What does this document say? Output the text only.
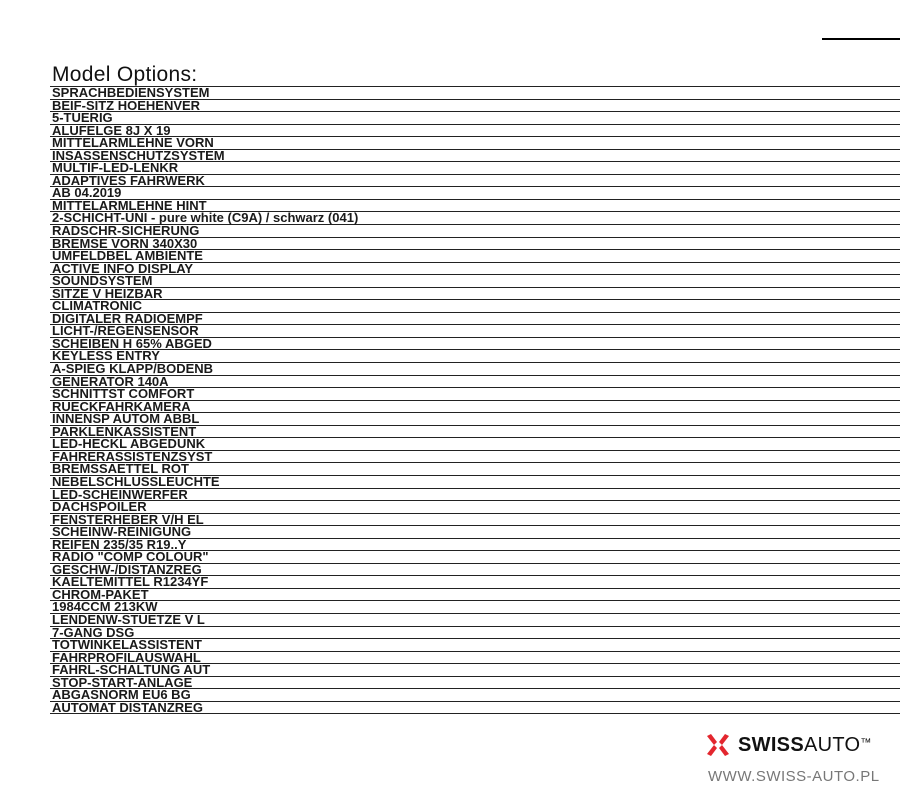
Model Options:
SPRACHBEDIENSYSTEM
BEIF-SITZ HOEHENVER
5-TUERIG
ALUFELGE 8J X 19
MITTELARMLEHNE VORN
INSASSENSCHUTZSYSTEM
MULTIF-LED-LENKR
ADAPTIVES FAHRWERK
AB 04.2019
MITTELARMLEHNE HINT
2-SCHICHT-UNI - pure white (C9A) / schwarz (041)
RADSCHR-SICHERUNG
BREMSE VORN 340X30
UMFELDBEL AMBIENTE
ACTIVE INFO DISPLAY
SOUNDSYSTEM
SITZE V HEIZBAR
CLIMATRONIC
DIGITALER RADIOEMPF
LICHT-/REGENSENSOR
SCHEIBEN H 65% ABGED
KEYLESS ENTRY
A-SPIEG KLAPP/BODENB
GENERATOR 140A
SCHNITTST COMFORT
RUECKFAHRKAMERA
INNENSP AUTOM ABBL
PARKLENKASSISTENT
LED-HECKL ABGEDUNK
FAHRERASSISTENZSYST
BREMSSAETTEL ROT
NEBELSCHLUSSLEUCHTE
LED-SCHEINWERFER
DACHSPOILER
FENSTERHEBER V/H EL
SCHEINW-REINIGUNG
REIFEN 235/35 R19..Y
RADIO "COMP COLOUR"
GESCHW-/DISTANZREG
KAELTEMITTEL R1234YF
CHROM-PAKET
1984CCM 213KW
LENDENW-STUETZE V L
7-GANG DSG
TOTWINKELASSISTENT
FAHRPROFILAUSWAHL
FAHRL-SCHALTUNG AUT
STOP-START-ANLAGE
ABGASNORM EU6 BG
AUTOMAT DISTANZREG
SWISSAUTO™
WWW.SWISS-AUTO.PL
